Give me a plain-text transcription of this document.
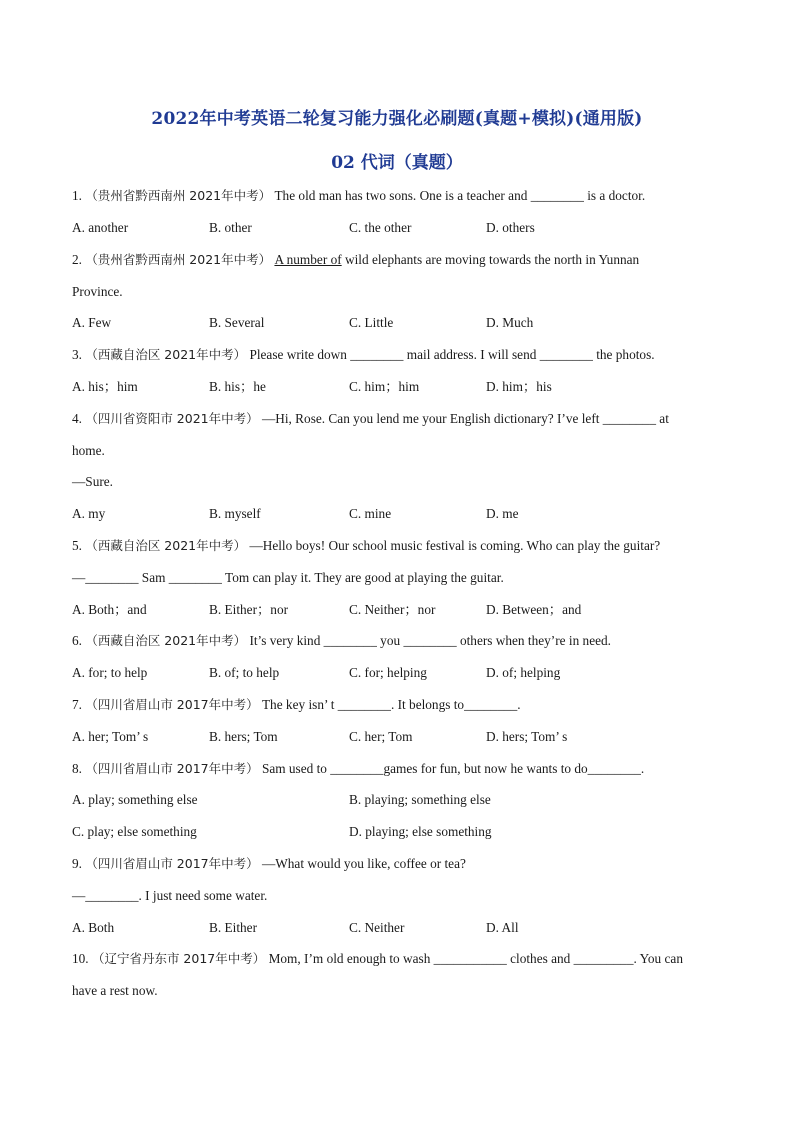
2022年中考英语二轮复习能力强化必刷题(真题+模拟)(通用版)
02 代词（真题）
1. （贵州省黔西南州 2021年中考） The old man has two sons. One is a teacher and ________ is a doctor.
A. another	B. other	C. the other	D. others
2. （贵州省黔西南州 2021年中考） A number of wild elephants are moving towards the north in Yunnan
Province.
A. Few	B. Several	C. Little	D. Much
3. （西藏自治区 2021年中考） Please write down ________ mail address. I will send ________ the photos.
A. his；him	B. his；he	C. him；him	D. him；his
4. （四川省资阳市 2021年中考） —Hi, Rose. Can you lend me your English dictionary? I’ve left ________ at
home.
—Sure.
A. my	B. myself	C. mine	D. me
5. （西藏自治区 2021年中考） —Hello boys! Our school music festival is coming. Who can play the guitar?
—________ Sam ________ Tom can play it. They are good at playing the guitar.
A. Both；and	B. Either；nor	C. Neither；nor	D. Between；and
6. （西藏自治区 2021年中考） It’s very kind ________ you ________ others when they’re in need.
A. for; to help	B. of; to help	C. for; helping	D. of; helping
7. （四川省眉山市 2017年中考） The key isn’ t ________. It belongs to________.
A. her; Tom’ s	B. hers; Tom	C. her; Tom	D. hers; Tom’ s
8. （四川省眉山市 2017年中考） Sam used to ________games for fun, but now he wants to do________.
A. play; something else	B. playing; something else
C. play; else something	D. playing; else something
9. （四川省眉山市 2017年中考） —What would you like, coffee or tea?
—________. I just need some water.
A. Both	B. Either	C. Neither	D. All
10. （辽宁省丹东市 2017年中考） Mom, I’m old enough to wash ___________ clothes and _________. You can
have a rest now.
